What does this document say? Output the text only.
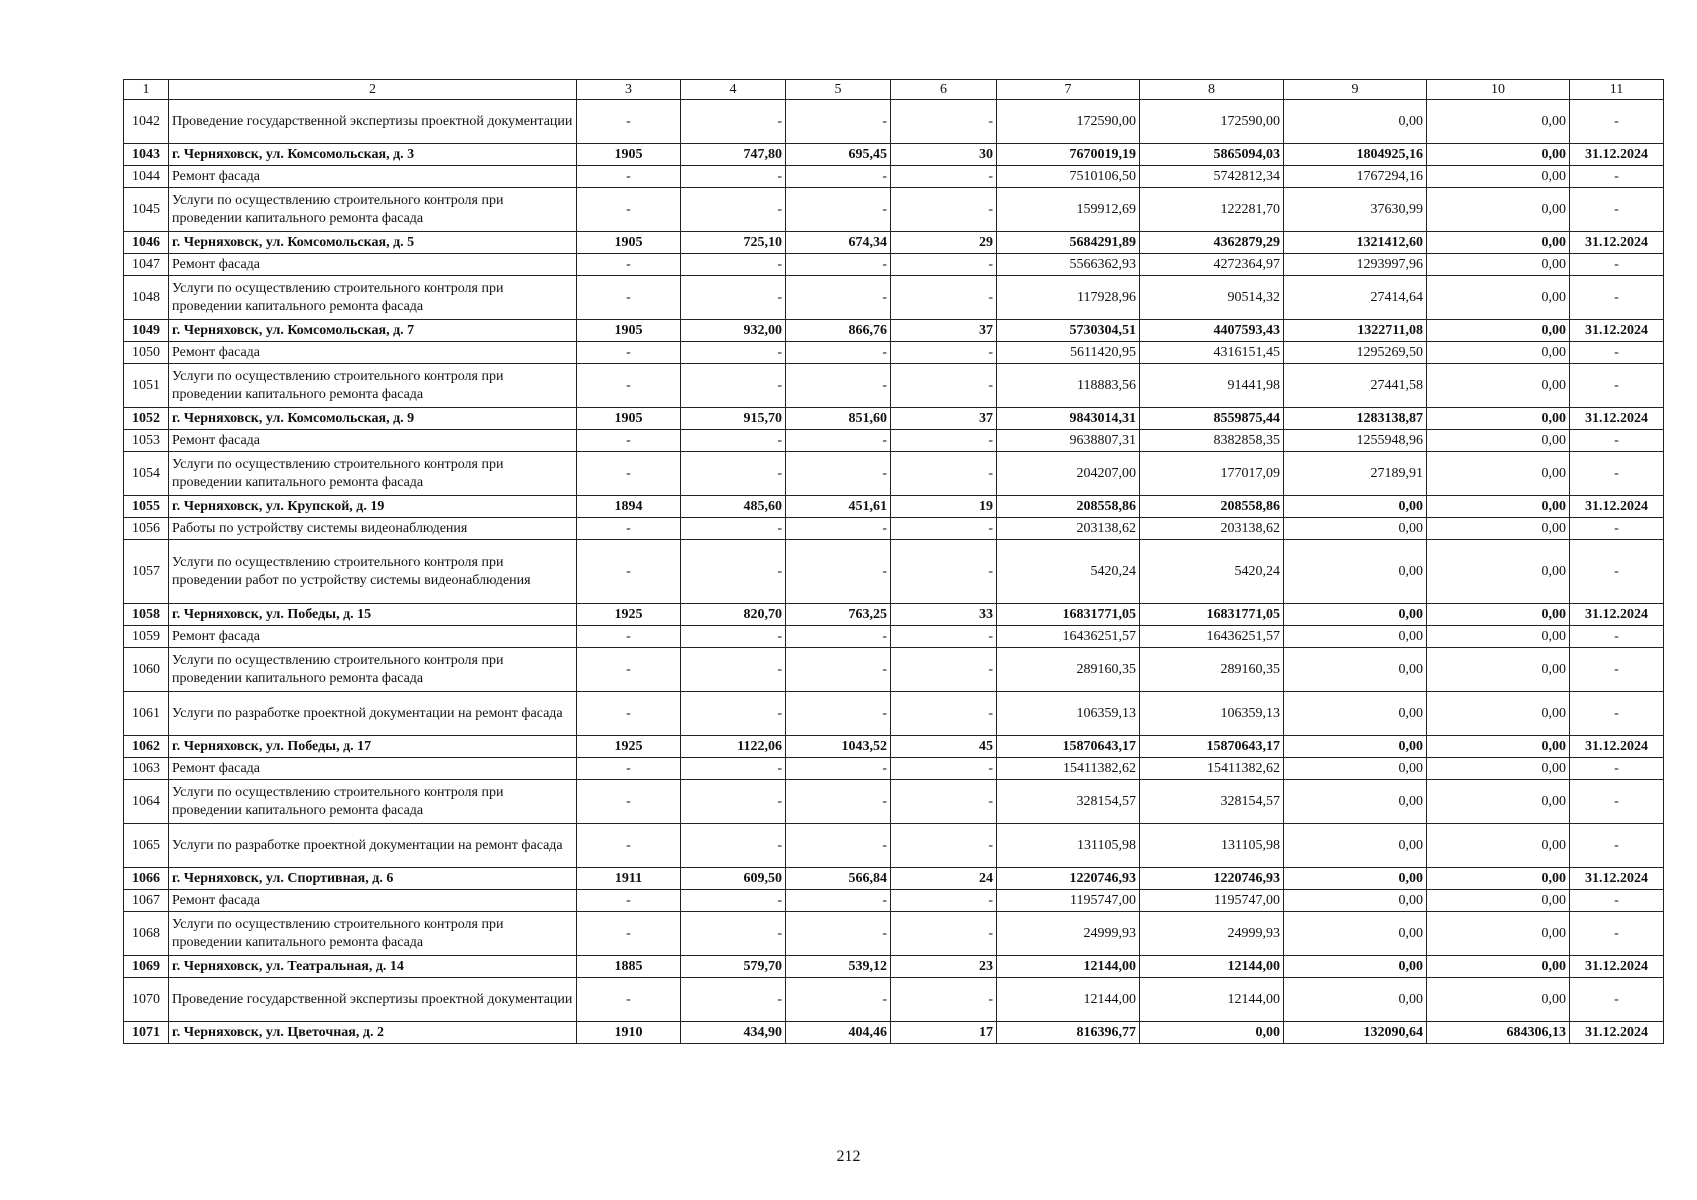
1	2	3	4	5	6	7	8	9	10	11
1042	Проведение государственной экспертизы проектной документации	-	-	-	-	172590,00	172590,00	0,00	0,00	-
1043	г. Черняховск, ул. Комсомольская, д. 3	1905	747,80	695,45	30	7670019,19	5865094,03	1804925,16	0,00	31.12.2024
1044	Ремонт фасада	-	-	-	-	7510106,50	5742812,34	1767294,16	0,00	-
1045	Услуги по осуществлению строительного контроля при проведении капитального ремонта фасада	-	-	-	-	159912,69	122281,70	37630,99	0,00	-
1046	г. Черняховск, ул. Комсомольская, д. 5	1905	725,10	674,34	29	5684291,89	4362879,29	1321412,60	0,00	31.12.2024
1047	Ремонт фасада	-	-	-	-	5566362,93	4272364,97	1293997,96	0,00	-
1048	Услуги по осуществлению строительного контроля при проведении капитального ремонта фасада	-	-	-	-	117928,96	90514,32	27414,64	0,00	-
1049	г. Черняховск, ул. Комсомольская, д. 7	1905	932,00	866,76	37	5730304,51	4407593,43	1322711,08	0,00	31.12.2024
1050	Ремонт фасада	-	-	-	-	5611420,95	4316151,45	1295269,50	0,00	-
1051	Услуги по осуществлению строительного контроля при проведении капитального ремонта фасада	-	-	-	-	118883,56	91441,98	27441,58	0,00	-
1052	г. Черняховск, ул. Комсомольская, д. 9	1905	915,70	851,60	37	9843014,31	8559875,44	1283138,87	0,00	31.12.2024
1053	Ремонт фасада	-	-	-	-	9638807,31	8382858,35	1255948,96	0,00	-
1054	Услуги по осуществлению строительного контроля при проведении капитального ремонта фасада	-	-	-	-	204207,00	177017,09	27189,91	0,00	-
1055	г. Черняховск, ул. Крупской, д. 19	1894	485,60	451,61	19	208558,86	208558,86	0,00	0,00	31.12.2024
1056	Работы по устройству системы видеонаблюдения	-	-	-	-	203138,62	203138,62	0,00	0,00	-
1057	Услуги по осуществлению строительного контроля при проведении работ по устройству системы видеонаблюдения	-	-	-	-	5420,24	5420,24	0,00	0,00	-
1058	г. Черняховск, ул. Победы, д. 15	1925	820,70	763,25	33	16831771,05	16831771,05	0,00	0,00	31.12.2024
1059	Ремонт фасада	-	-	-	-	16436251,57	16436251,57	0,00	0,00	-
1060	Услуги по осуществлению строительного контроля при проведении капитального ремонта фасада	-	-	-	-	289160,35	289160,35	0,00	0,00	-
1061	Услуги по разработке проектной документации на ремонт фасада	-	-	-	-	106359,13	106359,13	0,00	0,00	-
1062	г. Черняховск, ул. Победы, д. 17	1925	1122,06	1043,52	45	15870643,17	15870643,17	0,00	0,00	31.12.2024
1063	Ремонт фасада	-	-	-	-	15411382,62	15411382,62	0,00	0,00	-
1064	Услуги по осуществлению строительного контроля при проведении капитального ремонта фасада	-	-	-	-	328154,57	328154,57	0,00	0,00	-
1065	Услуги по разработке проектной документации на ремонт фасада	-	-	-	-	131105,98	131105,98	0,00	0,00	-
1066	г. Черняховск, ул. Спортивная, д. 6	1911	609,50	566,84	24	1220746,93	1220746,93	0,00	0,00	31.12.2024
1067	Ремонт фасада	-	-	-	-	1195747,00	1195747,00	0,00	0,00	-
1068	Услуги по осуществлению строительного контроля при проведении капитального ремонта фасада	-	-	-	-	24999,93	24999,93	0,00	0,00	-
1069	г. Черняховск, ул. Театральная, д. 14	1885	579,70	539,12	23	12144,00	12144,00	0,00	0,00	31.12.2024
1070	Проведение государственной экспертизы проектной документации	-	-	-	-	12144,00	12144,00	0,00	0,00	-
1071	г. Черняховск, ул. Цветочная, д. 2	1910	434,90	404,46	17	816396,77	0,00	132090,64	684306,13	31.12.2024
212
